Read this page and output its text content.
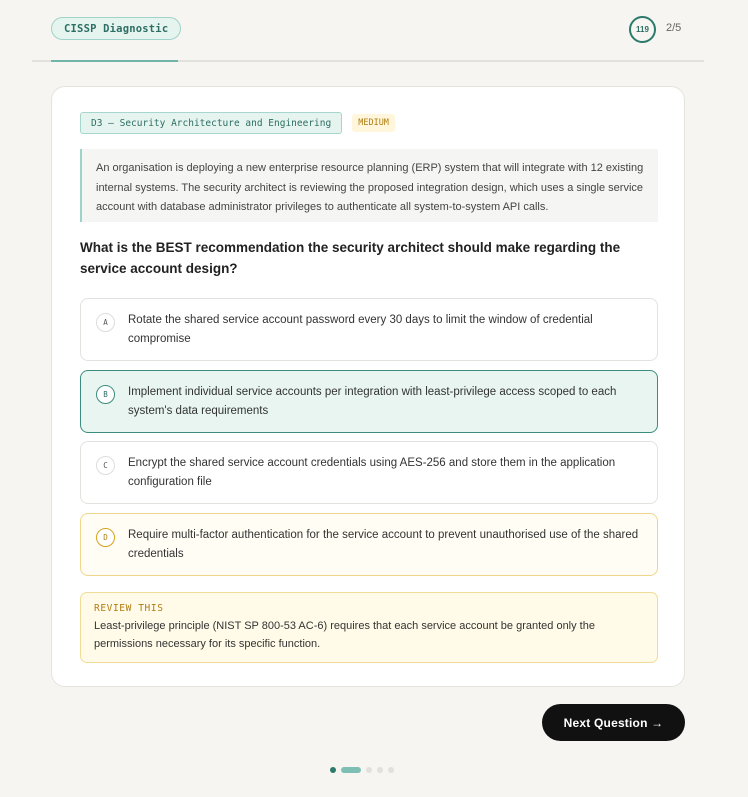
CISSP Diagnostic	119	2/5
D3 — Security Architecture and Engineering	MEDIUM
An organisation is deploying a new enterprise resource planning (ERP) system that will integrate with 12 existing internal systems. The security architect is reviewing the proposed integration design, which uses a single service account with database administrator privileges to authenticate all system-to-system API calls.
What is the BEST recommendation the security architect should make regarding the service account design?
A	Rotate the shared service account password every 30 days to limit the window of credential compromise
B	Implement individual service accounts per integration with least-privilege access scoped to each system's data requirements
C	Encrypt the shared service account credentials using AES-256 and store them in the application configuration file
D	Require multi-factor authentication for the service account to prevent unauthorised use of the shared credentials
REVIEW THIS
Least-privilege principle (NIST SP 800-53 AC-6) requires that each service account be granted only the permissions necessary for its specific function.
Next Question →
